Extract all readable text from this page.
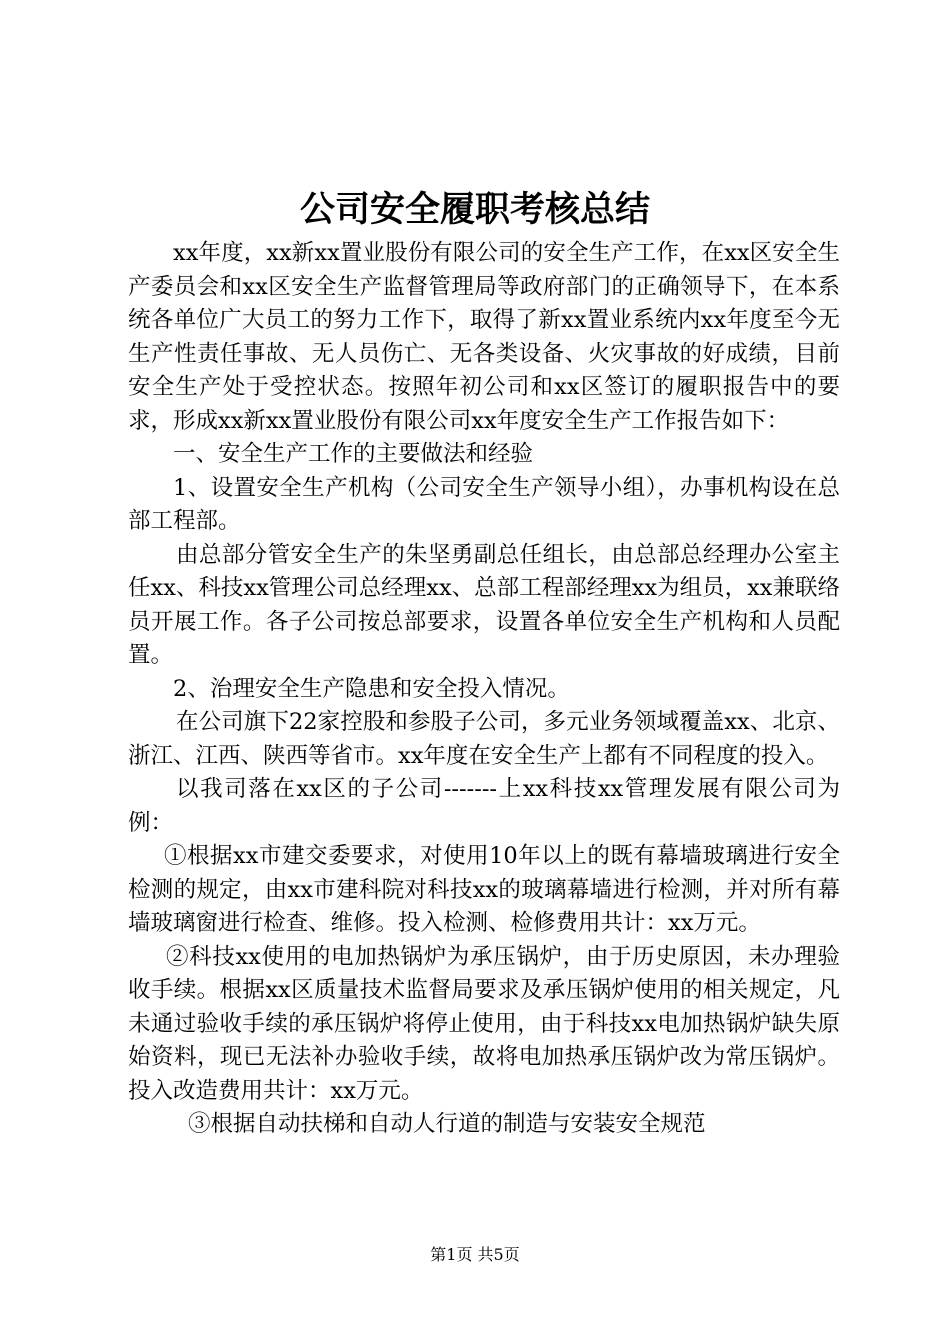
公司安全履职考核总结

xx年度，xx新xx置业股份有限公司的安全生产工作，在xx区安全生产委员会和xx区安全生产监督管理局等政府部门的正确领导下，在本系统各单位广大员工的努力工作下，取得了新xx置业系统内xx年度至今无生产性责任事故、无人员伤亡、无各类设备、火灾事故的好成绩，目前安全生产处于受控状态。按照年初公司和xx区签订的履职报告中的要求，形成xx新xx置业股份有限公司xx年度安全生产工作报告如下：

一、安全生产工作的主要做法和经验

1、设置安全生产机构（公司安全生产领导小组），办事机构设在总部工程部。

由总部分管安全生产的朱坚勇副总任组长，由总部总经理办公室主任xx、科技xx管理公司总经理xx、总部工程部经理xx为组员，xx兼联络员开展工作。各子公司按总部要求，设置各单位安全生产机构和人员配置。

2、治理安全生产隐患和安全投入情况。

在公司旗下22家控股和参股子公司，多元业务领域覆盖xx、北京、浙江、江西、陕西等省市。xx年度在安全生产上都有不同程度的投入。

以我司落在xx区的子公司-------上xx科技xx管理发展有限公司为例：

①根据xx市建交委要求，对使用10年以上的既有幕墙玻璃进行安全检测的规定，由xx市建科院对科技xx的玻璃幕墙进行检测，并对所有幕墙玻璃窗进行检查、维修。投入检测、检修费用共计：xx万元。

②科技xx使用的电加热锅炉为承压锅炉，由于历史原因，未办理验收手续。根据xx区质量技术监督局要求及承压锅炉使用的相关规定，凡未通过验收手续的承压锅炉将停止使用，由于科技xx电加热锅炉缺失原始资料，现已无法补办验收手续，故将电加热承压锅炉改为常压锅炉。投入改造费用共计：xx万元。

③根据自动扶梯和自动人行道的制造与安装安全规范

第1页 共5页
